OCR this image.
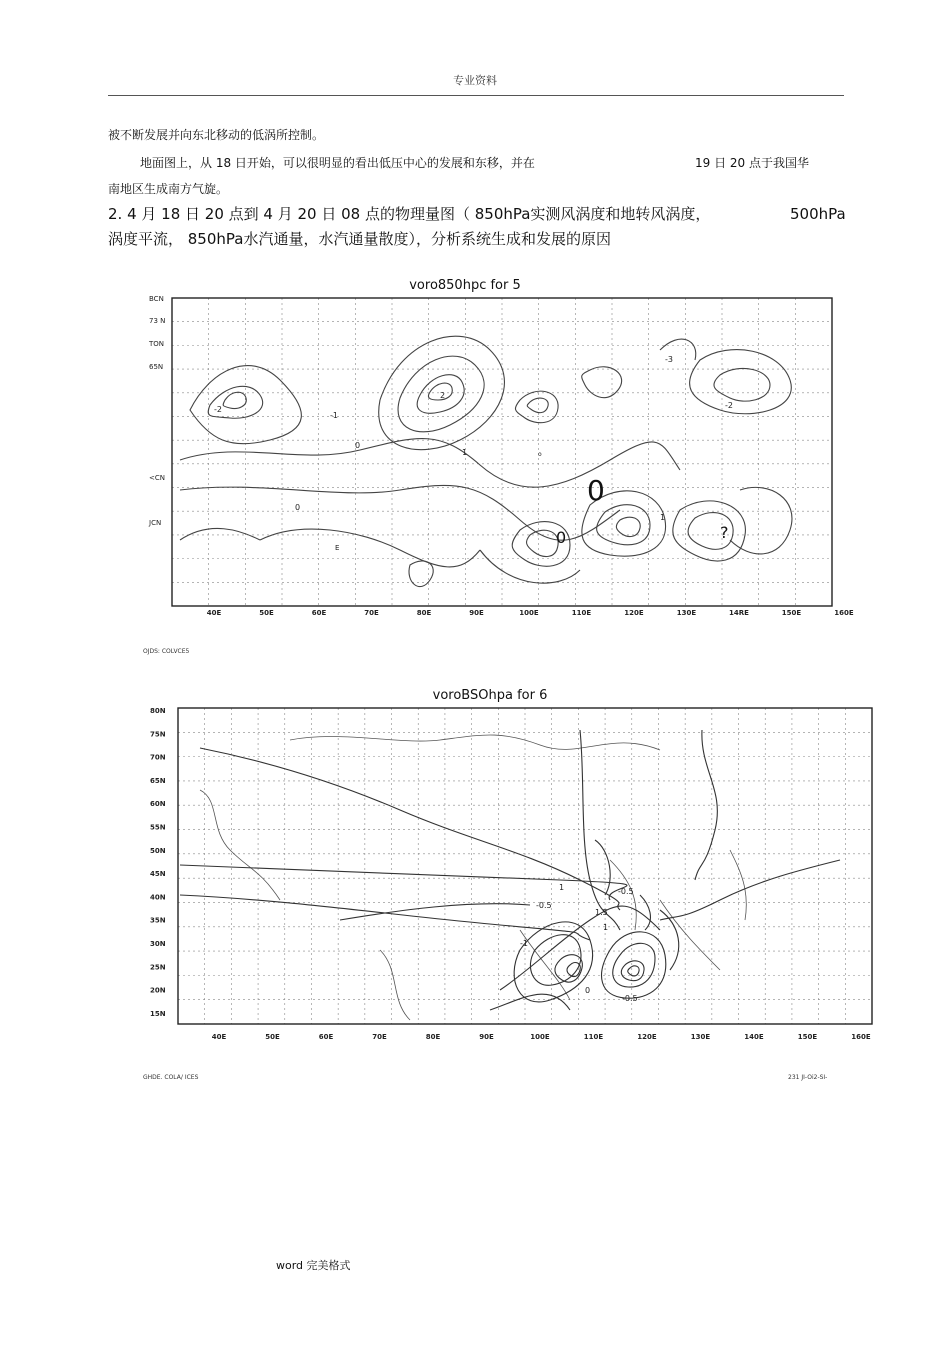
专业资料
被不断发展并向东北移动的低涡所控制。
地面图上，从 18 日开始，可以很明显的看出低压中心的发展和东移，并在	19 日 20 点于我国华
南地区生成南方气旋。
2. 4 月 18 日 20 点到 4 月 20 日 08 点的物理量图（ 850hPa实测风涡度和地转风涡度，	500hPa
涡度平流， 850hPa水汽通量，水汽通量散度），分析系统生成和发展的原因
voro850hpc for 5
-2
-1
0
1
2
-3
-2
1
0
0
0	?
E
o
BCN
73 N
TON
65N
<CN
JCN
40E	50E	60E	70E	80E	90E	100E	110E	120E	130E	14RE	150E	160E
OJDS: COLVCE5
voroBSOhpa for 6
1
-0.5
-0.5
1.5
1
-1
0
-0.5
80N
75N
70N
65N
60N
55N
50N
45N
40N
35N
30N
25N
20N
15N
40E	50E	60E	70E	80E	90E	100E	110E	120E	130E	140E	150E	160E
GHDE. COLA/ ICES	231 JI-Oi2-SI-
word 完美格式
